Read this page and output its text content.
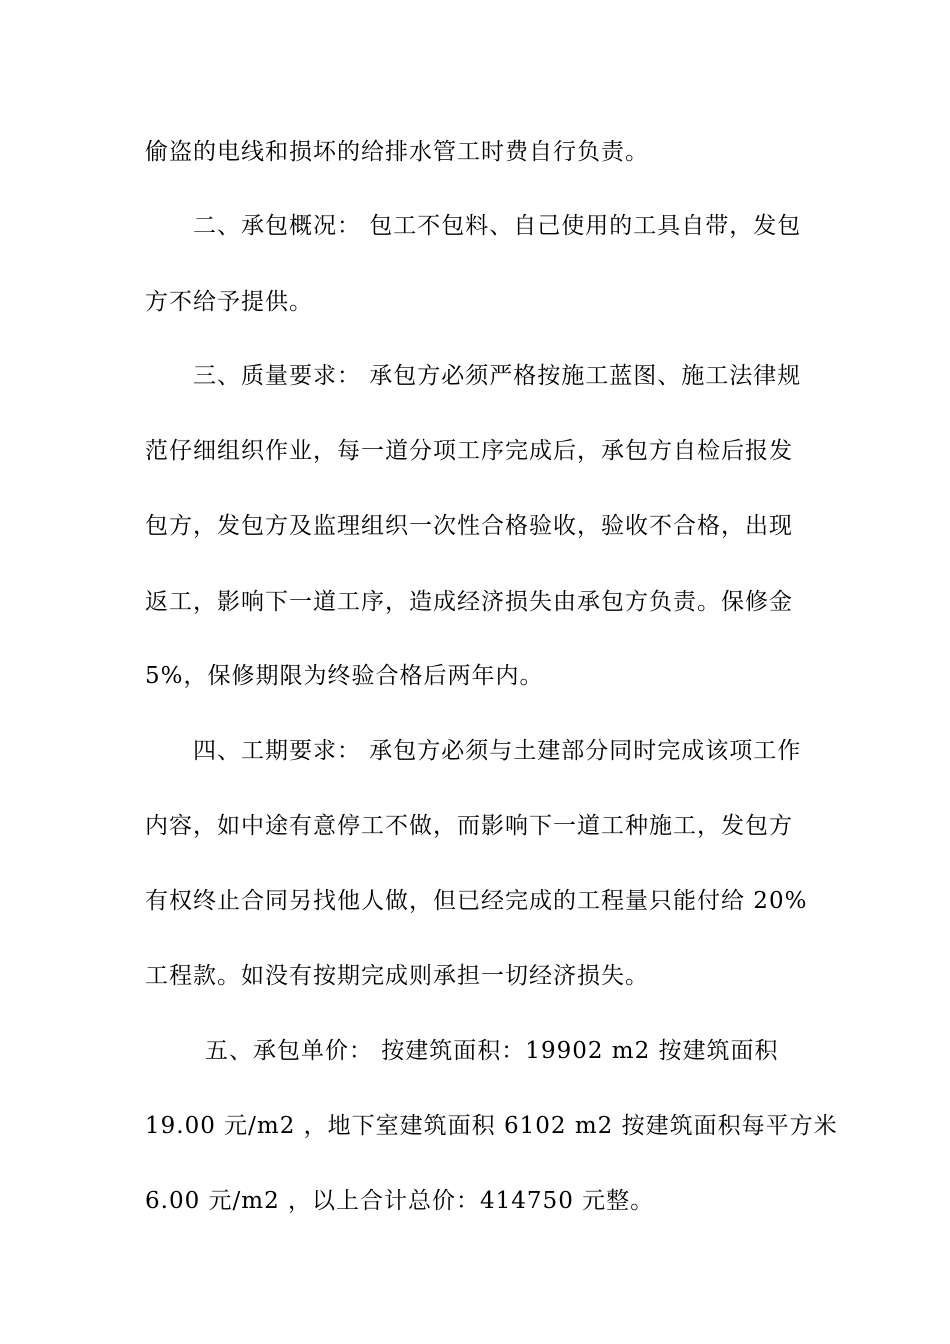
偷盗的电线和损坏的给排水管工时费自行负责。
二、承包概况： 包工不包料、自己使用的工具自带，发包
方不给予提供。
三、质量要求： 承包方必须严格按施工蓝图、施工法律规
范仔细组织作业，每一道分项工序完成后，承包方自检后报发
包方，发包方及监理组织一次性合格验收，验收不合格，出现
返工，影响下一道工序，造成经济损失由承包方负责。保修金
5%，保修期限为终验合格后两年内。
四、工期要求： 承包方必须与土建部分同时完成该项工作
内容，如中途有意停工不做，而影响下一道工种施工，发包方
有权终止合同另找他人做，但已经完成的工程量只能付给 20%
工程款。如没有按期完成则承担一切经济损失。
五、承包单价： 按建筑面积：19902 m2 按建筑面积
19.00 元/m2 ，地下室建筑面积 6102 m2 按建筑面积每平方米
6.00 元/m2 ，以上合计总价：414750 元整。
